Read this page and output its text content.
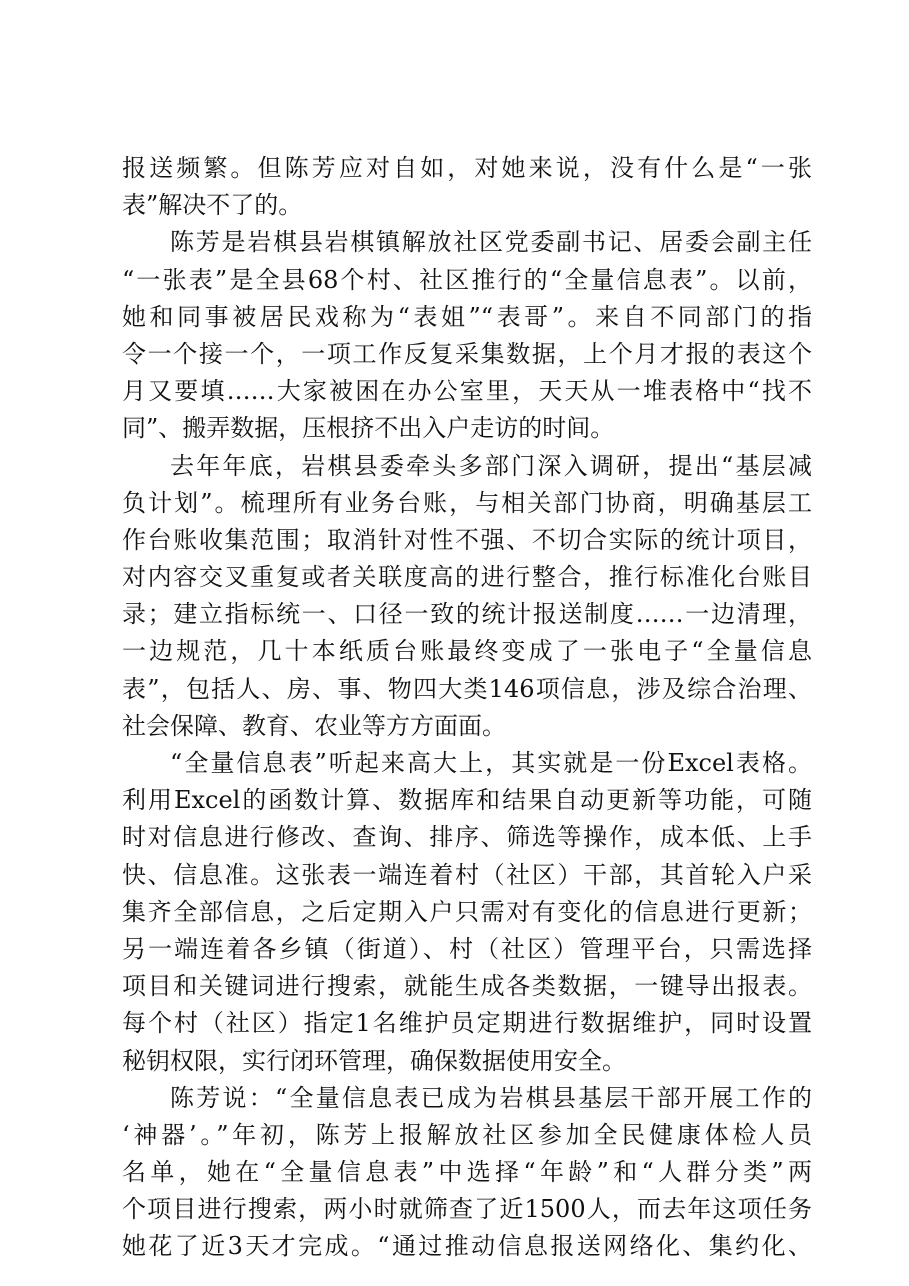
报送频繁。但陈芳应对自如，对她来说，没有什么是“一张
表”解决不了的。
陈芳是岩棋县岩棋镇解放社区党委副书记、居委会副主任
“一张表”是全县68个村、社区推行的“全量信息表”。以前，
她和同事被居民戏称为“表姐”“表哥”。来自不同部门的指
令一个接一个，一项工作反复采集数据，上个月才报的表这个
月又要填……大家被困在办公室里，天天从一堆表格中“找不
同”、搬弄数据，压根挤不出入户走访的时间。
去年年底，岩棋县委牵头多部门深入调研，提出“基层减
负计划”。梳理所有业务台账，与相关部门协商，明确基层工
作台账收集范围；取消针对性不强、不切合实际的统计项目，
对内容交叉重复或者关联度高的进行整合，推行标准化台账目
录；建立指标统一、口径一致的统计报送制度……一边清理，
一边规范，几十本纸质台账最终变成了一张电子“全量信息
表”，包括人、房、事、物四大类146项信息，涉及综合治理、
社会保障、教育、农业等方方面面。
“全量信息表”听起来高大上，其实就是一份Excel表格。
利用Excel的函数计算、数据库和结果自动更新等功能，可随
时对信息进行修改、查询、排序、筛选等操作，成本低、上手
快、信息准。这张表一端连着村（社区）干部，其首轮入户采
集齐全部信息，之后定期入户只需对有变化的信息进行更新；
另一端连着各乡镇（街道）、村（社区）管理平台，只需选择
项目和关键词进行搜索，就能生成各类数据，一键导出报表。
每个村（社区）指定1名维护员定期进行数据维护，同时设置
秘钥权限，实行闭环管理，确保数据使用安全。
陈芳说：“全量信息表已成为岩棋县基层干部开展工作的
‘神器’。”年初，陈芳上报解放社区参加全民健康体检人员
名单，她在“全量信息表”中选择“年龄”和“人群分类”两
个项目进行搜索，两小时就筛查了近1500人，而去年这项任务
她花了近3天才完成。“通过推动信息报送网络化、集约化、
